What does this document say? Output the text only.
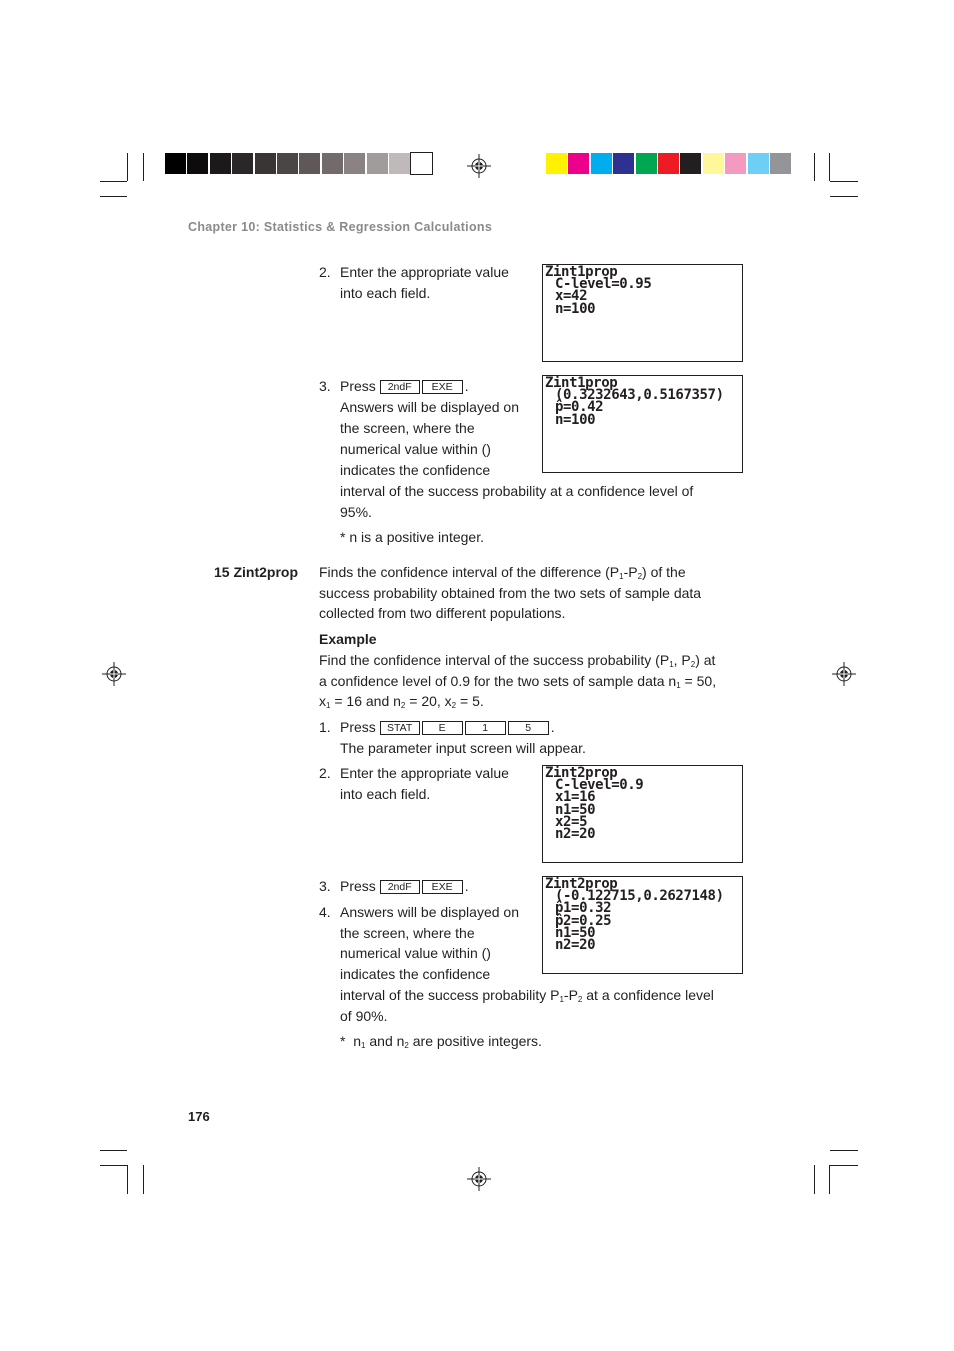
Chapter 10: Statistics & Regression Calculations
2. Enter the appropriate value
into each field.
Zint1prop
C-level=0.95
x=42
n=100
3. Press 2ndF EXE .
Answers will be displayed on
the screen, where the
numerical value within ()
indicates the confidence
interval of the success probability at a confidence level of
95%.
Zint1prop
(0.3232643,0.5167357)
p̂=0.42
n=100
* n is a positive integer.
15 Zint2prop Finds the confidence interval of the difference $(P_1-P_2)$ of the
success probability obtained from the two sets of sample data
collected from two different populations.
Example
Find the confidence interval of the success probability ($P_1$, $P_2$) at
a confidence level of 0.9 for the two sets of sample data $n_1 = 50$,
$x_1 = 16$ and $n_2 = 20$, $x_2 = 5$.
1. Press STAT	E	1	5 .
The parameter input screen will appear.
2. Enter the appropriate value
into each field.
Zint2prop
C-level=0.9
x1=16
n1=50
x2=5
n2=20
3. Press 2ndF EXE .
4. Answers will be displayed on
the screen, where the
numerical value within ()
indicates the confidence
interval of the success probability $P_1-P_2$ at a confidence level
of 90%.
Zint2prop
(-0.122715,0.2627148)
p̂1=0.32
p̂2=0.25
n1=50
n2=20
* $n_1$ and $n_2$ are positive integers.
176
